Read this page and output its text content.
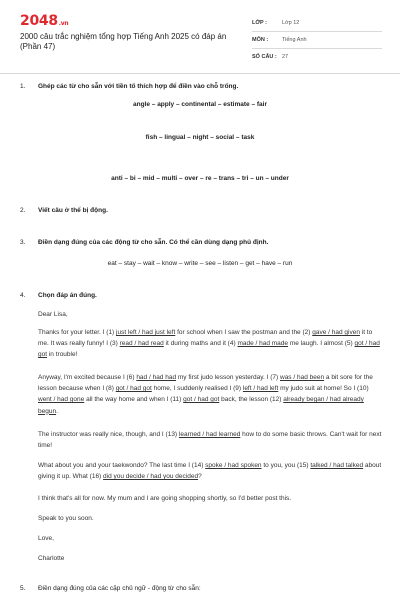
2048.vn
2000 câu trắc nghiệm tổng hợp Tiếng Anh 2025 có đáp án (Phần 47)
LỚP :	Lớp 12
MÔN :	Tiếng Anh
SỐ CÂU : 27
1.	Ghép các từ cho sẵn với tiền tố thích hợp để điền vào chỗ trống.
angle – apply – continental – estimate – fair
fish – lingual – night – social – task
anti – bi – mid – multi – over – re – trans – tri – un – under
2.	Viết câu ở thể bị động.
3.	Điền dạng đúng của các động từ cho sẵn. Có thể cần dùng dạng phủ định.
eat – stay – wait – know – write – see – listen – get – have – run
4.	Chọn đáp án đúng.
Dear Lisa,
Thanks for your letter. I (1) just left / had just left for school when I saw the postman and the (2) gave / had given it to me. It was really funny! I (3) read / had read it during maths and it (4) made / had made me laugh. I almost (5) got / had got in trouble!
Anyway, I'm excited because I (6) had / had had my first judo lesson yesterday. I (7) was / had been a bit sore for the lesson because when I (8) got / had got home, I suddenly realised I (9) left / had left my judo suit at home! So I (10) went / had gone all the way home and when I (11) got / had got back, the lesson (12) already began / had already begun.
The instructor was really nice, though, and I (13) learned / had learned how to do some basic throws. Can't wait for next time!
What about you and your taekwondo? The last time I (14) spoke / had spoken to you, you (15) talked / had talked about giving it up. What (16) did you decide / had you decided?
I think that's all for now. My mum and I are going shopping shortly, so I'd better post this.
Speak to you soon.
Love,
Charlotte
5.	Điền dạng đúng của các cặp chủ ngữ - động từ cho sẵn:
